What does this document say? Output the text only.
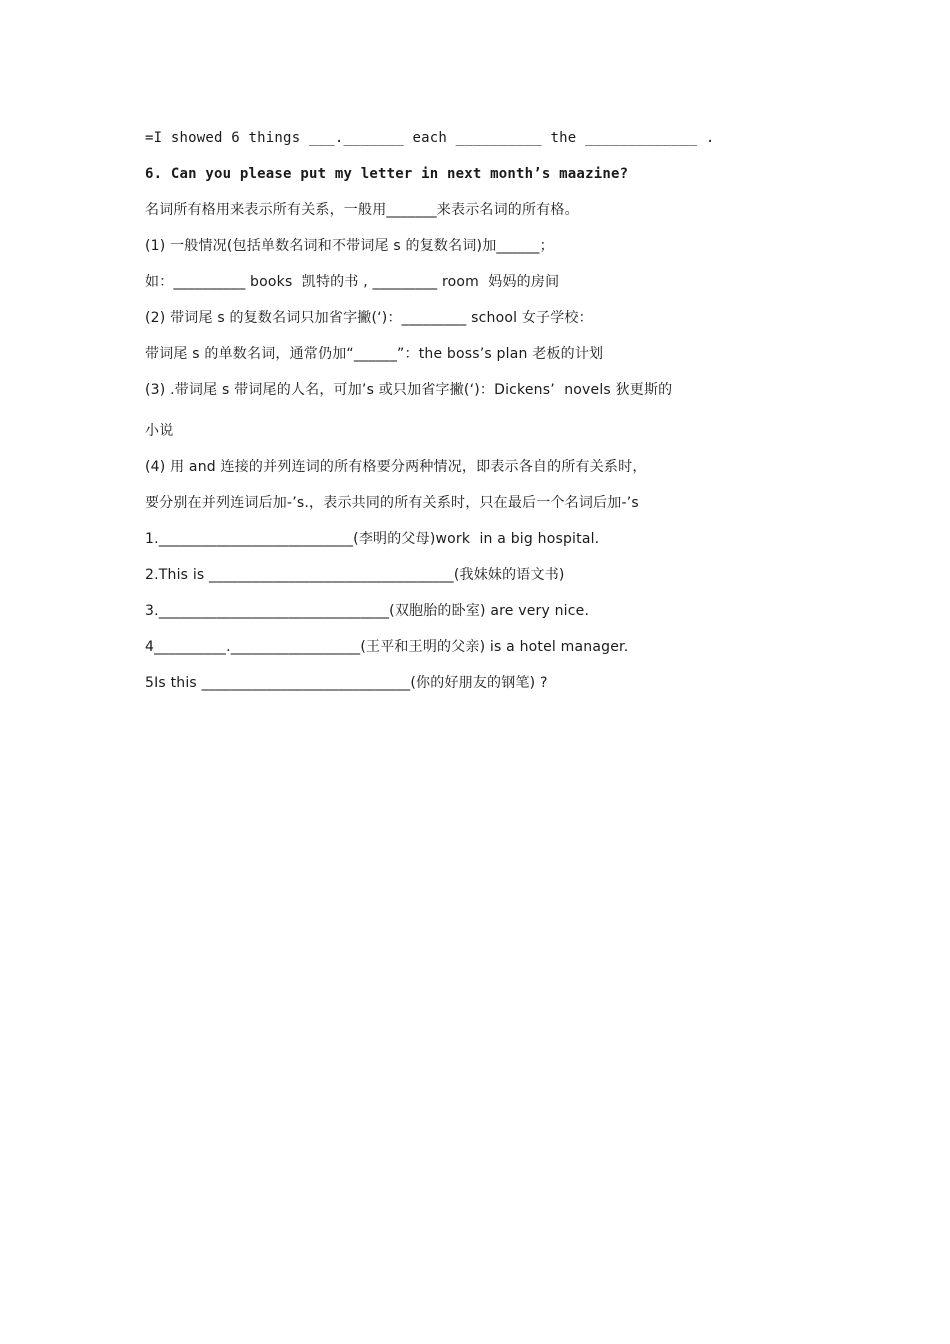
=I showed 6 things ___._______ each __________ the _____________ .
6. Can you please put my letter in next month’s maazine?
名词所有格用来表示所有关系，一般用_______来表示名词的所有格。
(1) 一般情况(包括单数名词和不带词尾 s 的复数名词)加______；
如：__________ books  凯特的书 , _________ room  妈妈的房间
(2) 带词尾 s 的复数名词只加省字撇(‘)：_________ school 女子学校：
带词尾 s 的单数名词，通常仍加“______”：the boss’s plan 老板的计划
(3) .带词尾 s 带词尾的人名，可加’s 或只加省字撇(‘)：Dickens’  novels 狄更斯的
小说
(4) 用 and 连接的并列连词的所有格要分两种情况，即表示各自的所有关系时，
要分别在并列连词后加-’s.，表示共同的所有关系时，只在最后一个名词后加-’s
1.___________________________(李明的父母)work  in a big hospital.
2.This is __________________________________(我妹妹的语文书)
3.________________________________(双胞胎的卧室) are very nice.
4__________.__________________(王平和王明的父亲) is a hotel manager.
5Is this _____________________________(你的好朋友的钢笔) ?
